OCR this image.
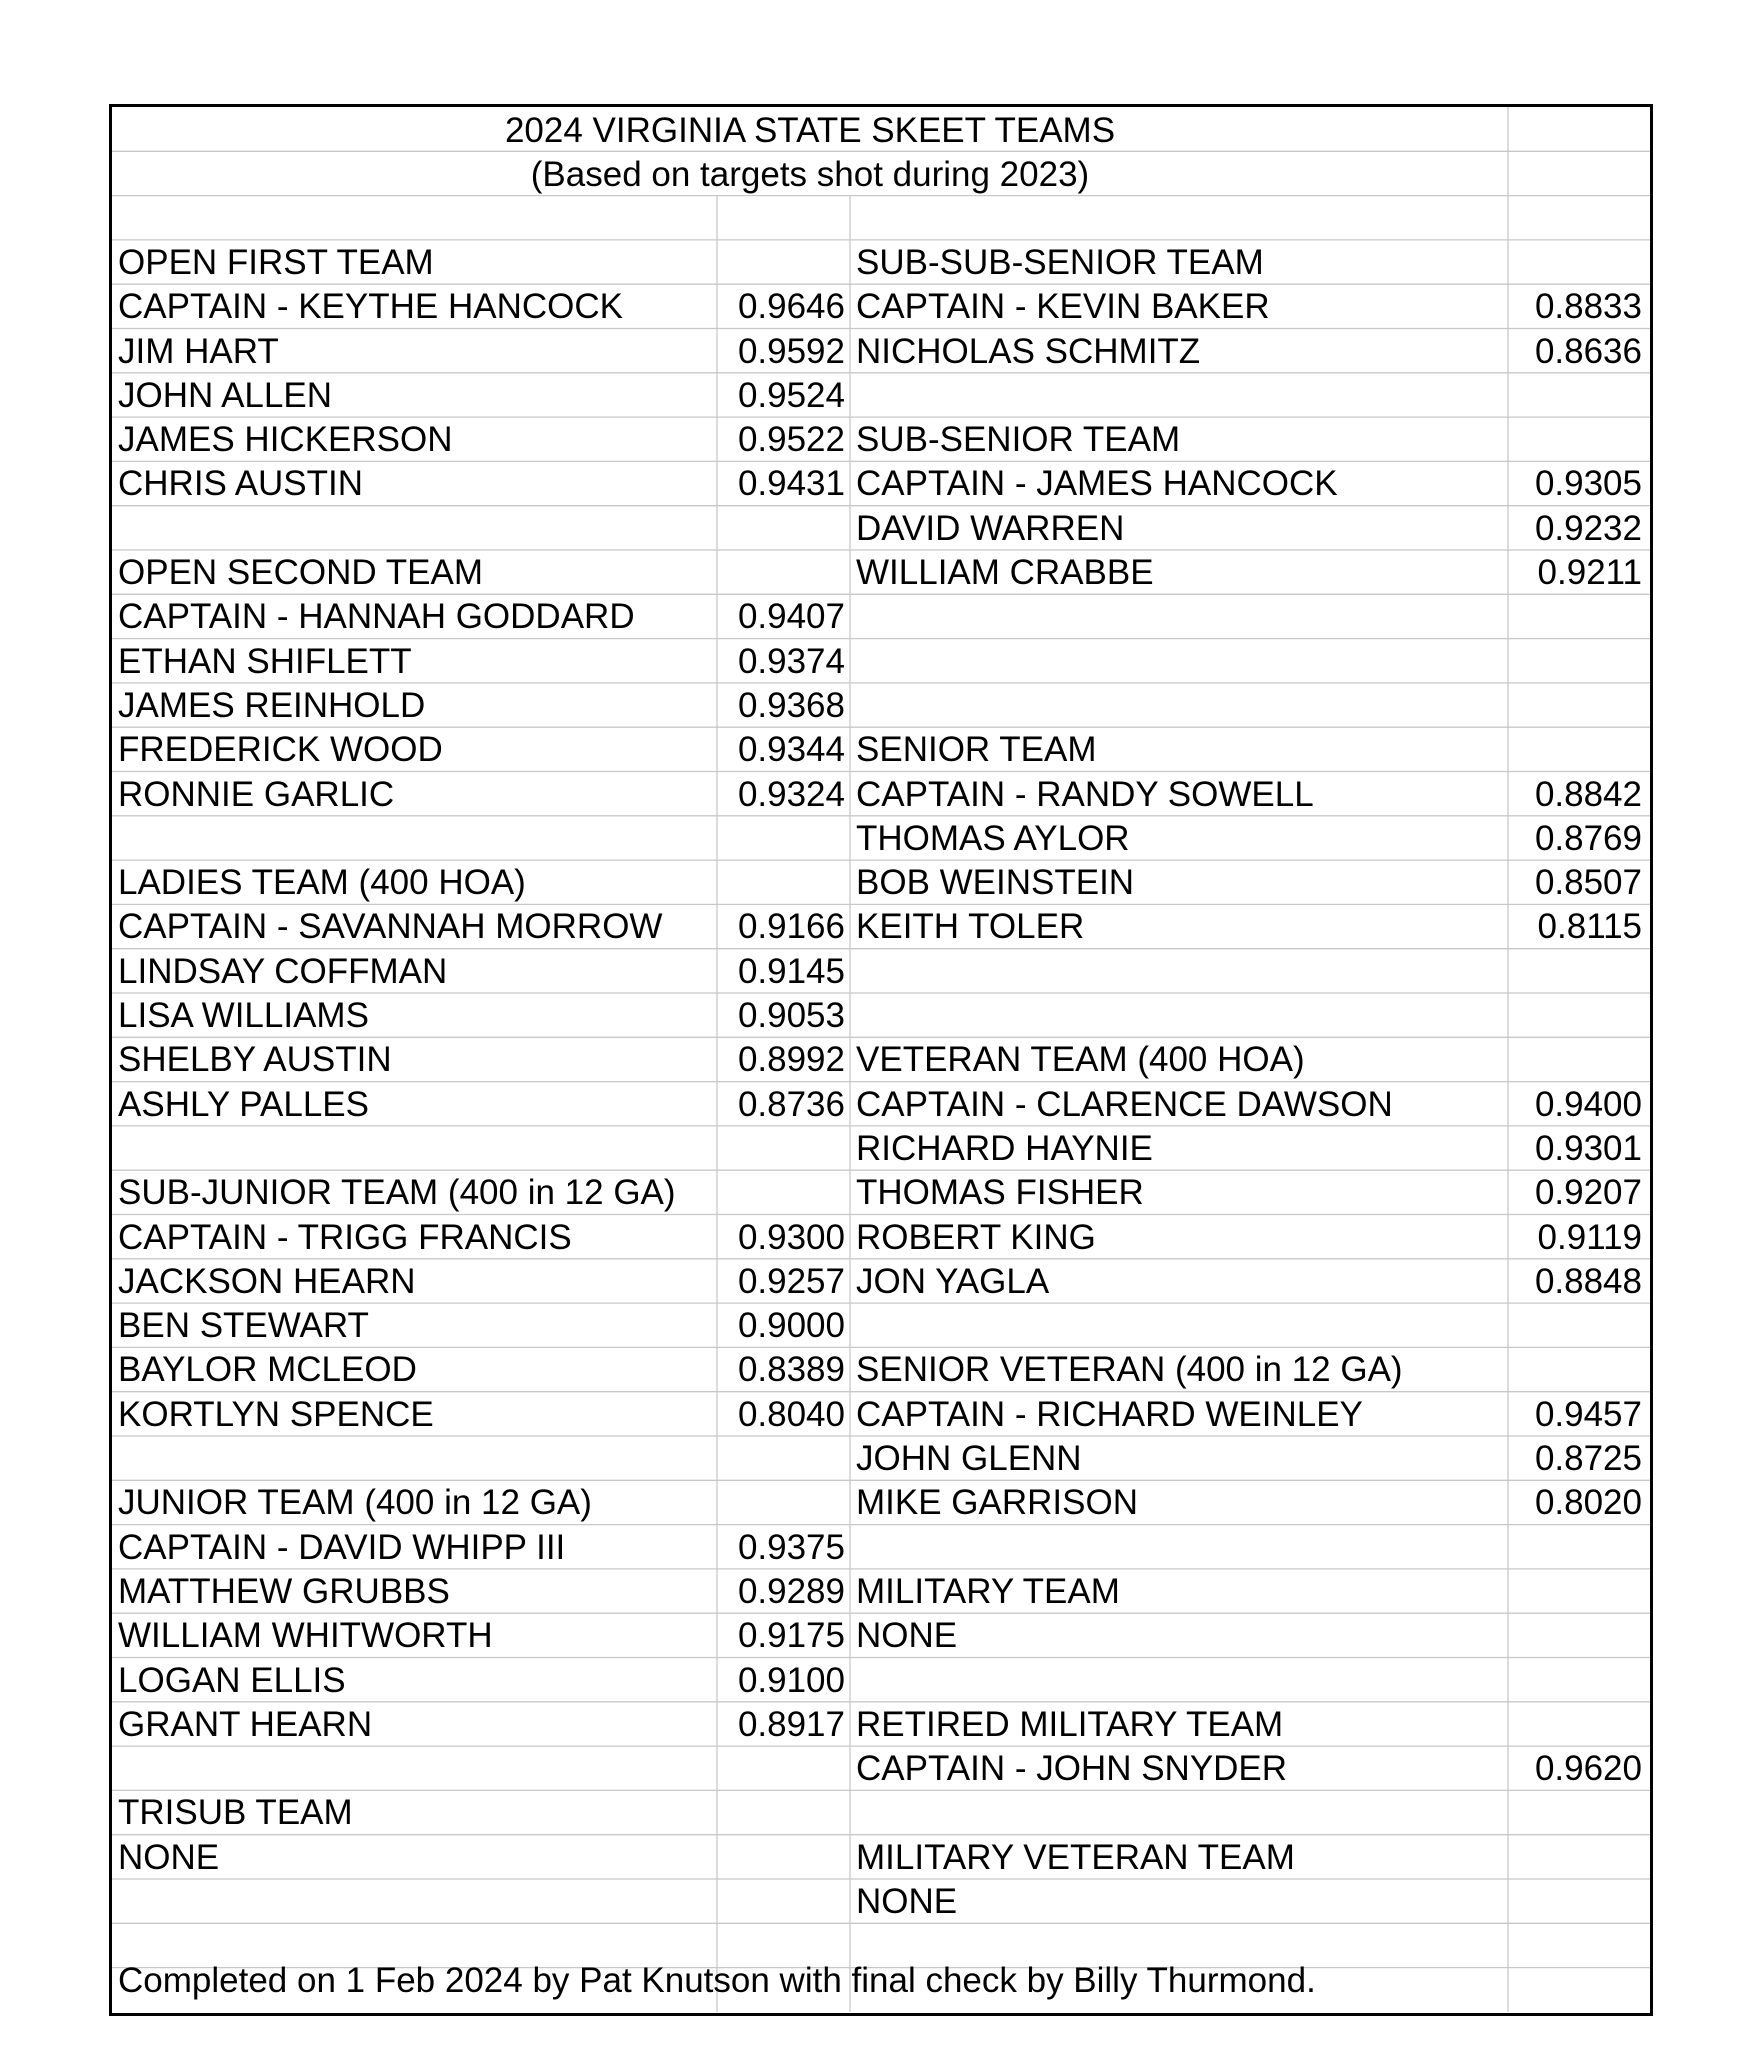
2024 VIRGINIA STATE SKEET TEAMS
(Based on targets shot during 2023)
OPEN FIRST TEAM
CAPTAIN - KEYTHE HANCOCK	0.9646
JIM HART	0.9592
JOHN ALLEN	0.9524
JAMES HICKERSON	0.9522
CHRIS AUSTIN	0.9431
OPEN SECOND TEAM
CAPTAIN - HANNAH GODDARD	0.9407
ETHAN SHIFLETT	0.9374
JAMES REINHOLD	0.9368
FREDERICK WOOD	0.9344
RONNIE GARLIC	0.9324
LADIES TEAM (400 HOA)
CAPTAIN - SAVANNAH MORROW	0.9166
LINDSAY COFFMAN	0.9145
LISA WILLIAMS	0.9053
SHELBY AUSTIN	0.8992
ASHLY PALLES	0.8736
SUB-JUNIOR TEAM (400 in 12 GA)
CAPTAIN - TRIGG FRANCIS	0.9300
JACKSON HEARN	0.9257
BEN STEWART	0.9000
BAYLOR MCLEOD	0.8389
KORTLYN SPENCE	0.8040
JUNIOR TEAM (400 in 12 GA)
CAPTAIN - DAVID WHIPP III	0.9375
MATTHEW GRUBBS	0.9289
WILLIAM WHITWORTH	0.9175
LOGAN ELLIS	0.9100
GRANT HEARN	0.8917
TRISUB TEAM
NONE
SUB-SUB-SENIOR TEAM
CAPTAIN - KEVIN BAKER	0.8833
NICHOLAS SCHMITZ	0.8636
SUB-SENIOR TEAM
CAPTAIN - JAMES HANCOCK	0.9305
DAVID WARREN	0.9232
WILLIAM CRABBE	0.9211
SENIOR TEAM
CAPTAIN - RANDY SOWELL	0.8842
THOMAS AYLOR	0.8769
BOB WEINSTEIN	0.8507
KEITH TOLER	0.8115
VETERAN TEAM (400 HOA)
CAPTAIN - CLARENCE DAWSON	0.9400
RICHARD HAYNIE	0.9301
THOMAS FISHER	0.9207
ROBERT KING	0.9119
JON YAGLA	0.8848
SENIOR VETERAN (400 in 12 GA)
CAPTAIN - RICHARD WEINLEY	0.9457
JOHN GLENN	0.8725
MIKE GARRISON	0.8020
MILITARY TEAM
NONE
RETIRED MILITARY TEAM
CAPTAIN - JOHN SNYDER	0.9620
MILITARY VETERAN TEAM
NONE
Completed on 1 Feb 2024 by Pat Knutson with final check by Billy Thurmond.
